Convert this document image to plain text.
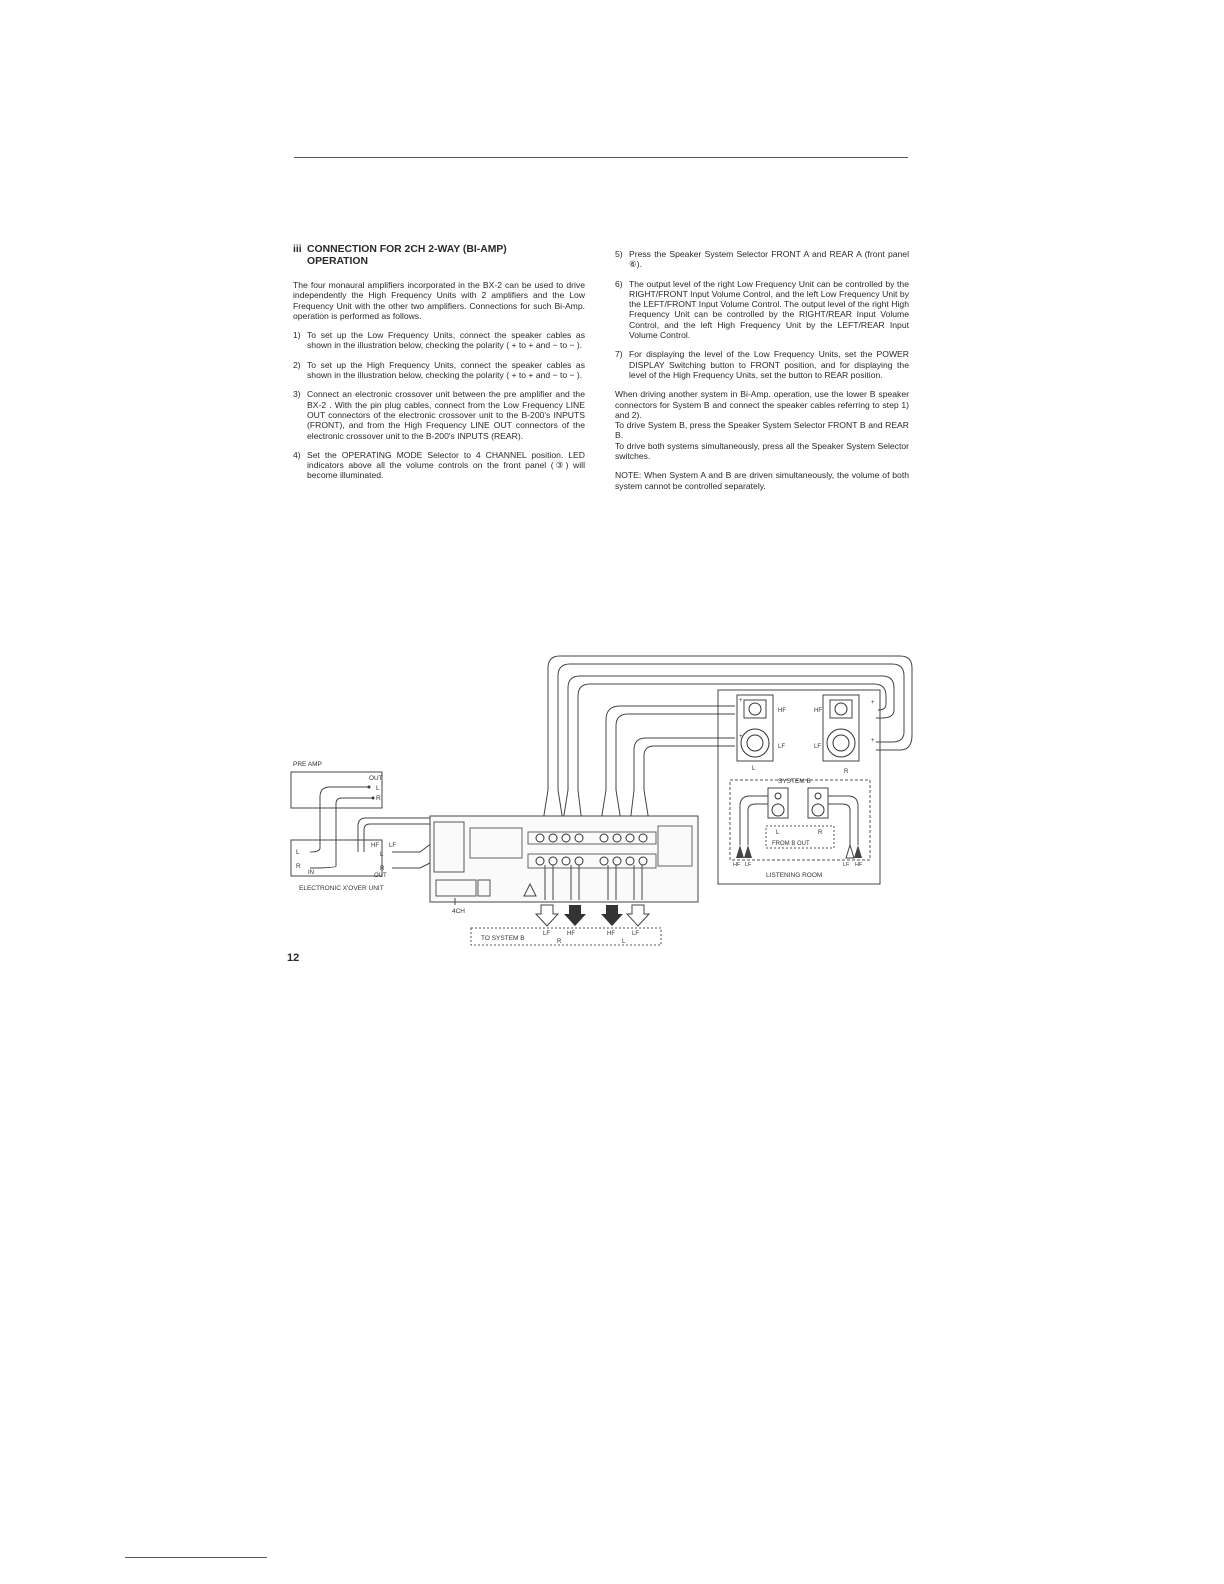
iii CONNECTION FOR 2CH 2-WAY (BI-AMP)
OPERATION

The four monaural amplifiers incorporated in the BX-2 can be used to drive independently the High Frequency Units with 2 amplifiers and the Low Frequency Unit with the other two amplifiers. Connections for such Bi-Amp. operation is performed as follows.

1) To set up the Low Frequency Units, connect the speaker cables as shown in the illustration below, checking the polarity ( + to + and − to − ).
2) To set up the High Frequency Units, connect the speaker cables as shown in the illustration below, checking the polarity ( + to + and − to − ).
3) Connect an electronic crossover unit between the pre amplifier and the BX-2 . With the pin plug cables, connect from the Low Frequency LINE OUT connectors of the electronic crossover unit to the B-200's INPUTS (FRONT), and from the High Frequency LINE OUT connectors of the electronic crossover unit to the B-200's INPUTS (REAR).
4) Set the OPERATING MODE Selector to 4 CHANNEL position. LED indicators above all the volume controls on the front panel (③) will become illuminated.
5) Press the Speaker System Selector FRONT A and REAR A (front panel ⑥).
6) The output level of the right Low Frequency Unit can be controlled by the RIGHT/FRONT Input Volume Control, and the left Low Frequency Unit by the LEFT/FRONT Input Volume Control. The output level of the right High Frequency Unit can be controlled by the RIGHT/REAR Input Volume Control, and the left High Frequency Unit by the LEFT/REAR Input Volume Control.
7) For displaying the level of the Low Frequency Units, set the POWER DISPLAY Switching button to FRONT position, and for displaying the level of the High Frequency Units, set the button to REAR position.

When driving another system in Bi-Amp. operation, use the lower B speaker connectors for System B and connect the speaker cables referring to step 1) and 2).

To drive System B, press the Speaker System Selector FRONT B and REAR B.

To drive both systems simultaneously, press all the Speaker System Selector switches.

NOTE: When System A and B are driven simultaneously, the volume of both system cannot be controlled separately.

HF
LF
HF
LF
L	R
+
+
+
+
SYSTEM B
L	R
FROM B OUT
HF LF	LF HF
LISTENING ROOM
PRE AMP
OUT
L
R
L
R
IN
HF LF
L
R
OUT
ELECTRONIC X'OVER UNIT
4CH
TO SYSTEM B
LF	HF	HF	LF
R	L
12
